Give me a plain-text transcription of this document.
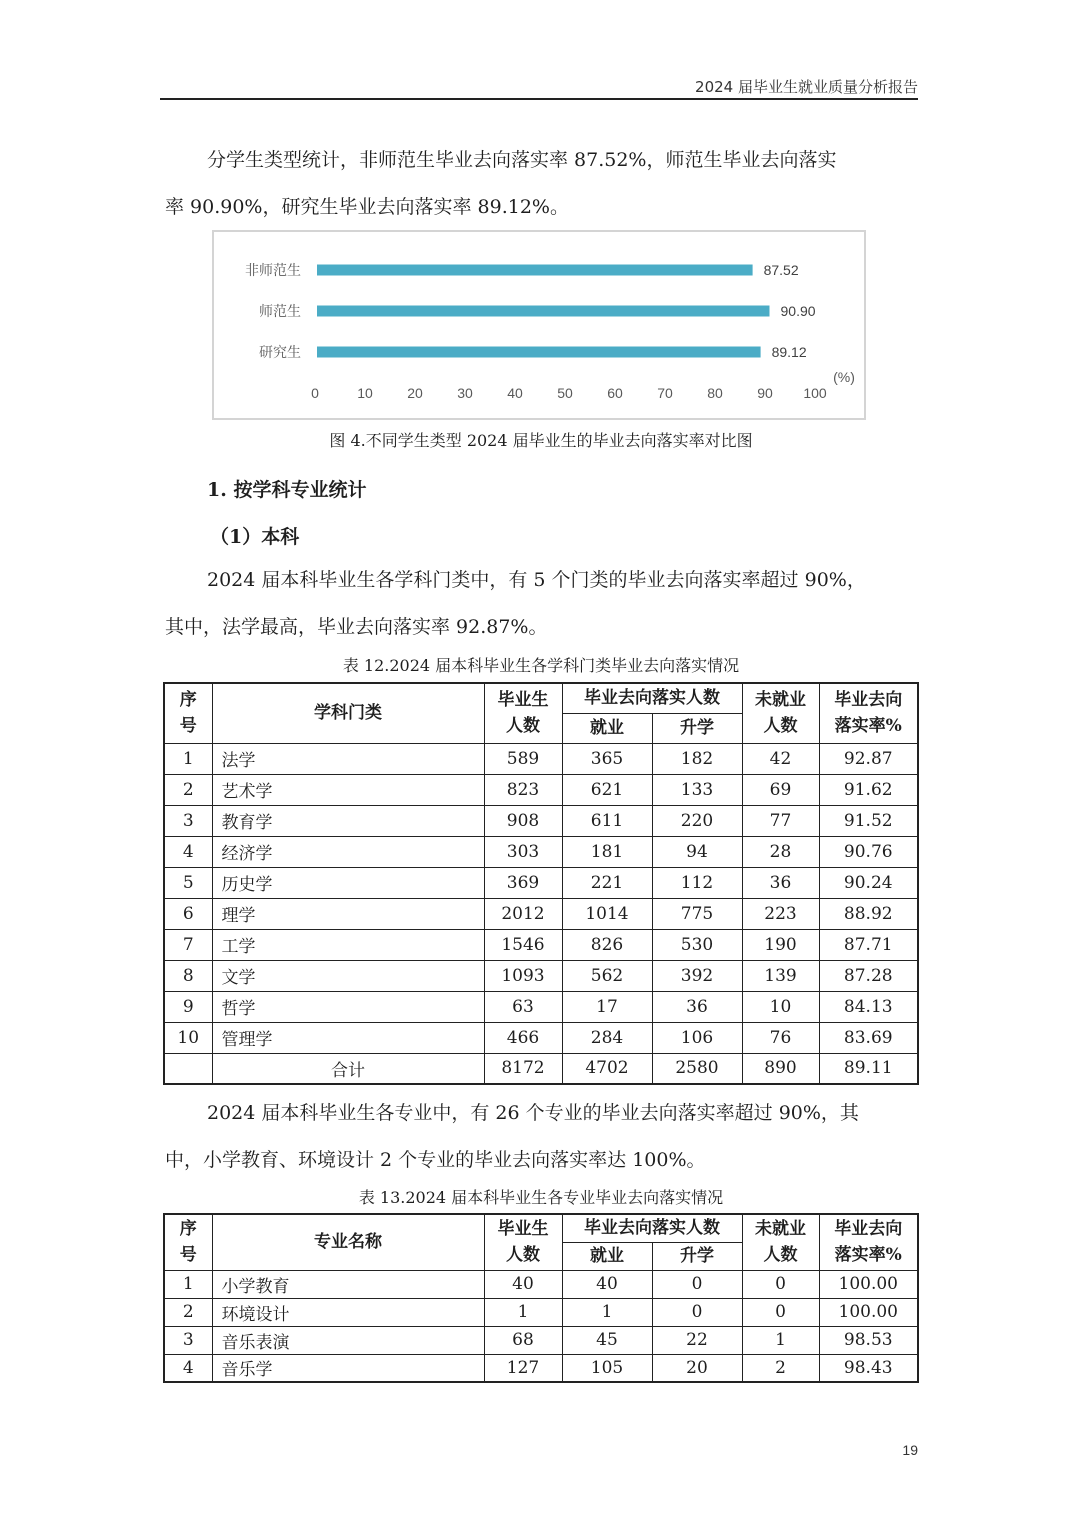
2024 届毕业生就业质量分析报告

分学生类型统计，非师范生毕业去向落实率 87.52%，师范生毕业去向落实
率 90.90%，研究生毕业去向落实率 89.12%。

非师范生	87.52
师范生	90.90
研究生	89.12
0	10 20 30 40 50 60 70 80 90 100
(%)

图 4.不同学生类型 2024 届毕业生的毕业去向落实率对比图

1. 按学科专业统计

（1）本科

2024 届本科毕业生各学科门类中，有 5 个门类的毕业去向落实率超过 90%，
其中，法学最高，毕业去向落实率 92.87%。

表 12.2024 届本科毕业生各学科门类毕业去向落实情况

序
号	学科门类	毕业生
人数	毕业去向落实人数		未就业
人数	毕业去向
落实率%
			就业	升学		
1	法学	589	365	182	42	92.87
2	艺术学	823	621	133	69	91.62
3	教育学	908	611	220	77	91.52
4	经济学	303	181	94	28	90.76
5	历史学	369	221	112	36	90.24
6	理学	2012	1014	775	223	88.92
7	工学	1546	826	530	190	87.71
8	文学	1093	562	392	139	87.28
9	哲学	63	17	36	10	84.13
10	管理学	466	284	106	76	83.69
	合计	8172	4702	2580	890	89.11

2024 届本科毕业生各专业中，有 26 个专业的毕业去向落实率超过 90%，其
中，小学教育、环境设计 2 个专业的毕业去向落实率达 100%。

表 13.2024 届本科毕业生各专业毕业去向落实情况

序
号	专业名称	毕业生
人数	毕业去向落实人数		未就业
人数	毕业去向
落实率%
			就业	升学		
1	小学教育	40	40	0	0	100.00
2	环境设计	1	1	0	0	100.00
3	音乐表演	68	45	22	1	98.53
4	音乐学	127	105	20	2	98.43
19
